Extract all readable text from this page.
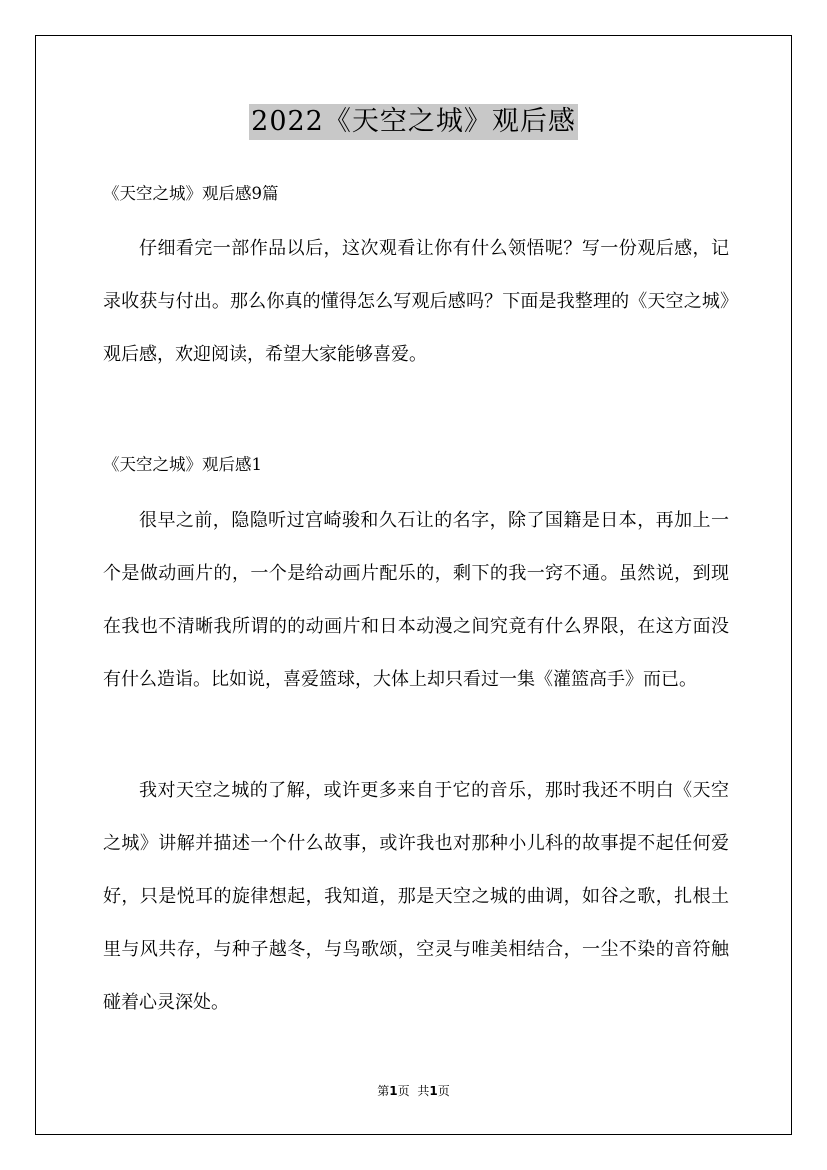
2022《天空之城》观后感
《天空之城》观后感9篇

仔细看完一部作品以后，这次观看让你有什么领悟呢？写一份观后感，记录收获与付出。那么你真的懂得怎么写观后感吗？下面是我整理的《天空之城》观后感，欢迎阅读，希望大家能够喜爱。

《天空之城》观后感1

很早之前，隐隐听过宫崎骏和久石让的名字，除了国籍是日本，再加上一个是做动画片的，一个是给动画片配乐的，剩下的我一窍不通。虽然说，到现在我也不清晰我所谓的的动画片和日本动漫之间究竟有什么界限，在这方面没有什么造诣。比如说，喜爱篮球，大体上却只看过一集《灌篮高手》而已。

我对天空之城的了解，或许更多来自于它的音乐，那时我还不明白《天空之城》讲解并描述一个什么故事，或许我也对那种小儿科的故事提不起任何爱好，只是悦耳的旋律想起，我知道，那是天空之城的曲调，如谷之歌，扎根土里与风共存，与种子越冬，与鸟歌颂，空灵与唯美相结合，一尘不染的音符触碰着心灵深处。

第1页 共1页
